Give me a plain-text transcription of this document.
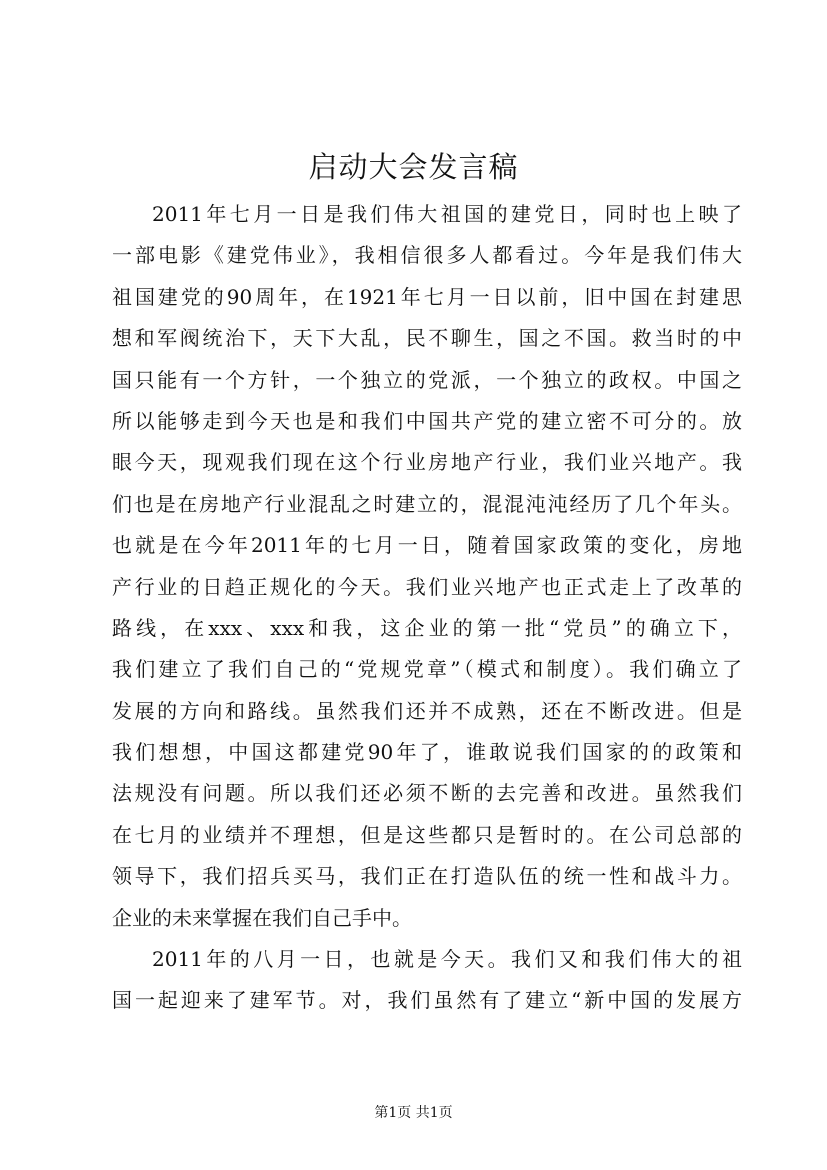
启动大会发言稿
2011年七月一日是我们伟大祖国的建党日，同时也上映了
一部电影《建党伟业》，我相信很多人都看过。今年是我们伟大
祖国建党的90周年，在1921年七月一日以前，旧中国在封建思
想和军阀统治下，天下大乱，民不聊生，国之不国。救当时的中
国只能有一个方针，一个独立的党派，一个独立的政权。中国之
所以能够走到今天也是和我们中国共产党的建立密不可分的。放
眼今天，现观我们现在这个行业房地产行业，我们业兴地产。我
们也是在房地产行业混乱之时建立的，混混沌沌经历了几个年头。
也就是在今年2011年的七月一日，随着国家政策的变化，房地
产行业的日趋正规化的今天。我们业兴地产也正式走上了改革的
路线，在xxx、xxx和我，这企业的第一批“党员”的确立下，
我们建立了我们自己的“党规党章”（模式和制度）。我们确立了
发展的方向和路线。虽然我们还并不成熟，还在不断改进。但是
我们想想，中国这都建党90年了，谁敢说我们国家的的政策和
法规没有问题。所以我们还必须不断的去完善和改进。虽然我们
在七月的业绩并不理想，但是这些都只是暂时的。在公司总部的
领导下，我们招兵买马，我们正在打造队伍的统一性和战斗力。
企业的未来掌握在我们自己手中。
2011年的八月一日，也就是今天。我们又和我们伟大的祖
国一起迎来了建军节。对，我们虽然有了建立“新中国的发展方
第1页 共1页
